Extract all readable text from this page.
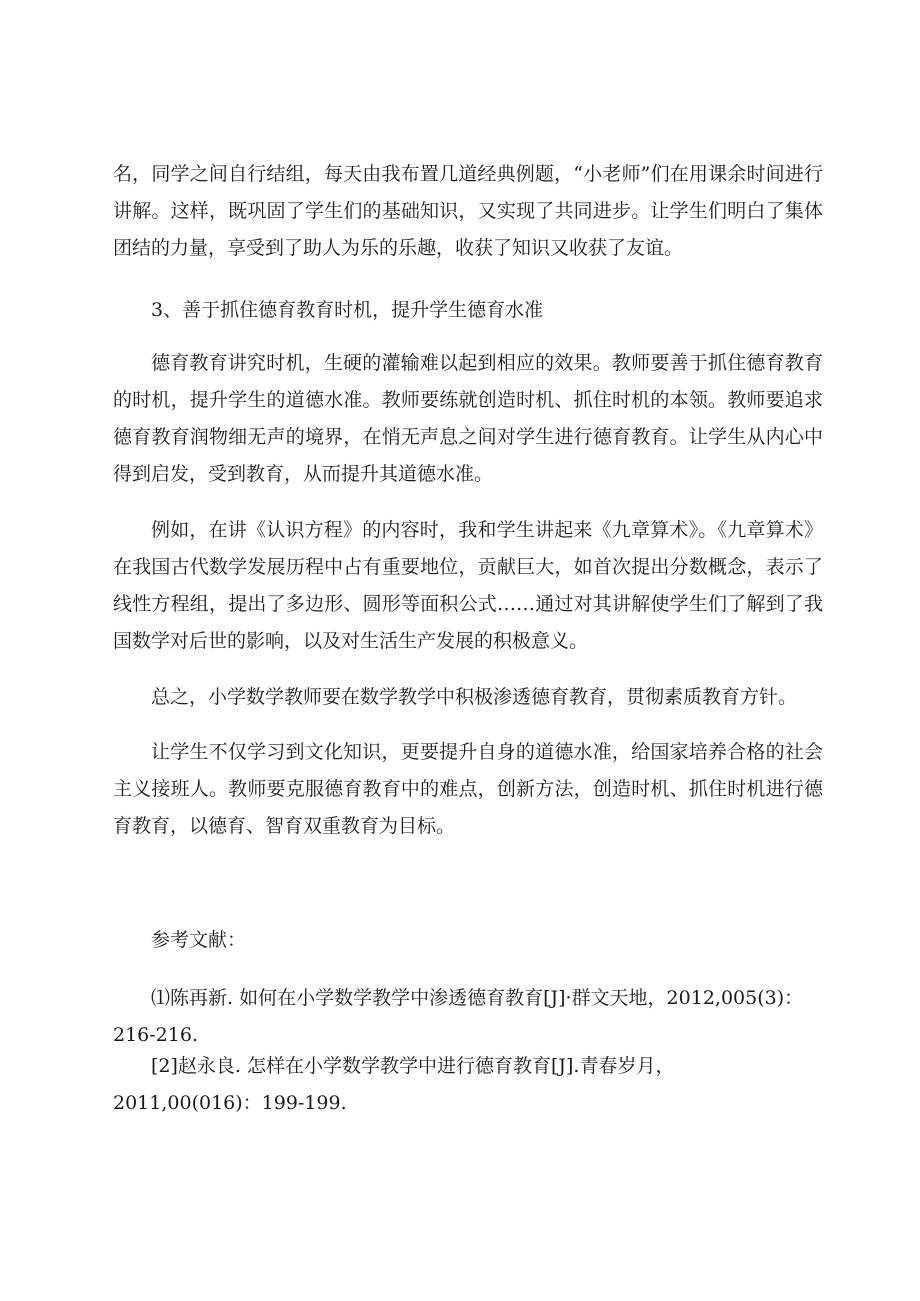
名，同学之间自行结组，每天由我布置几道经典例题，“小老师”们在用课余时间进行讲解。这样，既巩固了学生们的基础知识，又实现了共同进步。让学生们明白了集体团结的力量，享受到了助人为乐的乐趣，收获了知识又收获了友谊。

3、善于抓住德育教育时机，提升学生德育水准

德育教育讲究时机，生硬的灌输难以起到相应的效果。教师要善于抓住德育教育的时机，提升学生的道德水准。教师要练就创造时机、抓住时机的本领。教师要追求德育教育润物细无声的境界，在悄无声息之间对学生进行德育教育。让学生从内心中得到启发，受到教育，从而提升其道德水准。

例如，在讲《认识方程》的内容时，我和学生讲起来《九章算术》。《九章算术》在我国古代数学发展历程中占有重要地位，贡献巨大，如首次提出分数概念，表示了线性方程组，提出了多边形、圆形等面积公式……通过对其讲解使学生们了解到了我国数学对后世的影响，以及对生活生产发展的积极意义。

总之，小学数学教师要在数学教学中积极渗透德育教育，贯彻素质教育方针。

让学生不仅学习到文化知识，更要提升自身的道德水准，给国家培养合格的社会主义接班人。教师要克服德育教育中的难点，创新方法，创造时机、抓住时机进行德育教育，以德育、智育双重教育为目标。

参考文献：

⑴陈再新. 如何在小学数学教学中渗透德育教育[J]·群文天地，2012,005(3)：216-216.

[2]赵永良. 怎样在小学数学教学中进行德育教育[J].青春岁月，2011,00(016)：199-199.
